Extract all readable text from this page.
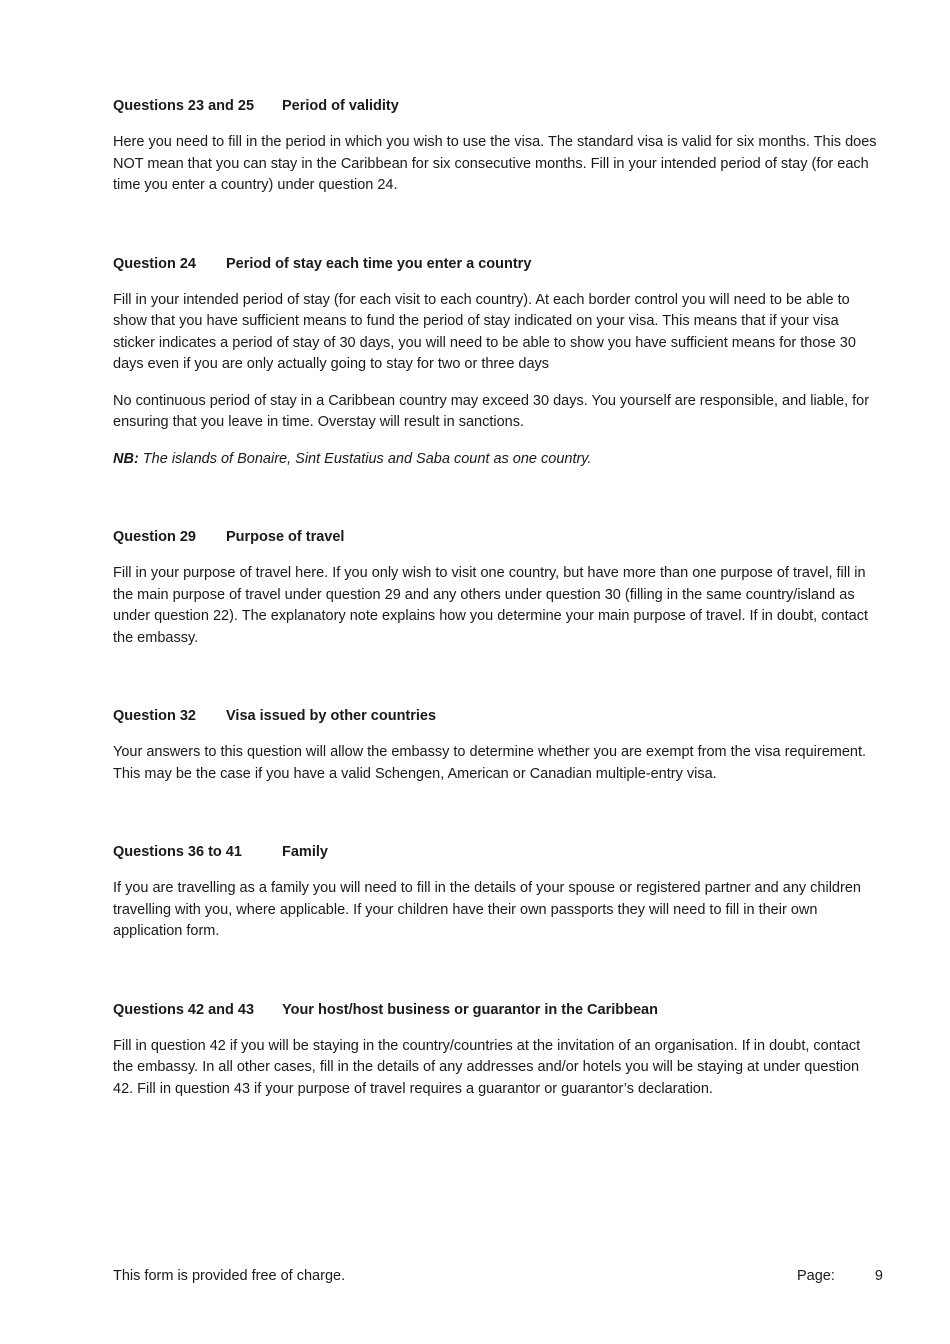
Questions 23 and 25	Period of validity

Here you need to fill in the period in which you wish to use the visa. The standard visa is valid for six months. This does NOT mean that you can stay in the Caribbean for six consecutive months. Fill in your intended period of stay (for each time you enter a country) under question 24.

Question 24	Period of stay each time you enter a country

Fill in your intended period of stay (for each visit to each country). At each border control you will need to be able to show that you have sufficient means to fund the period of stay indicated on your visa. This means that if your visa sticker indicates a period of stay of 30 days, you will need to be able to show you have sufficient means for those 30 days even if you are only actually going to stay for two or three days

No continuous period of stay in a Caribbean country may exceed 30 days. You yourself are responsible, and liable, for ensuring that you leave in time. Overstay will result in sanctions.

NB: The islands of Bonaire, Sint Eustatius and Saba count as one country.

Question 29	Purpose of travel

Fill in your purpose of travel here. If you only wish to visit one country, but have more than one purpose of travel, fill in the main purpose of travel under question 29 and any others under question 30 (filling in the same country/island as under question 22). The explanatory note explains how you determine your main purpose of travel. If in doubt, contact the embassy.

Question 32	Visa issued by other countries

Your answers to this question will allow the embassy to determine whether you are exempt from the visa requirement. This may be the case if you have a valid Schengen, American or Canadian multiple-entry visa.

Questions 36 to 41	Family

If you are travelling as a family you will need to fill in the details of your spouse or registered partner and any children travelling with you, where applicable. If your children have their own passports they will need to fill in their own application form.

Questions 42 and 43	Your host/host business or guarantor in the Caribbean

Fill in question 42 if you will be staying in the country/countries at the invitation of an organisation. If in doubt, contact the embassy. In all other cases, fill in the details of any addresses and/or hotels you will be staying at under question 42. Fill in question 43 if your purpose of travel requires a guarantor or guarantor’s declaration.

This form is provided free of charge.	Page:	9
